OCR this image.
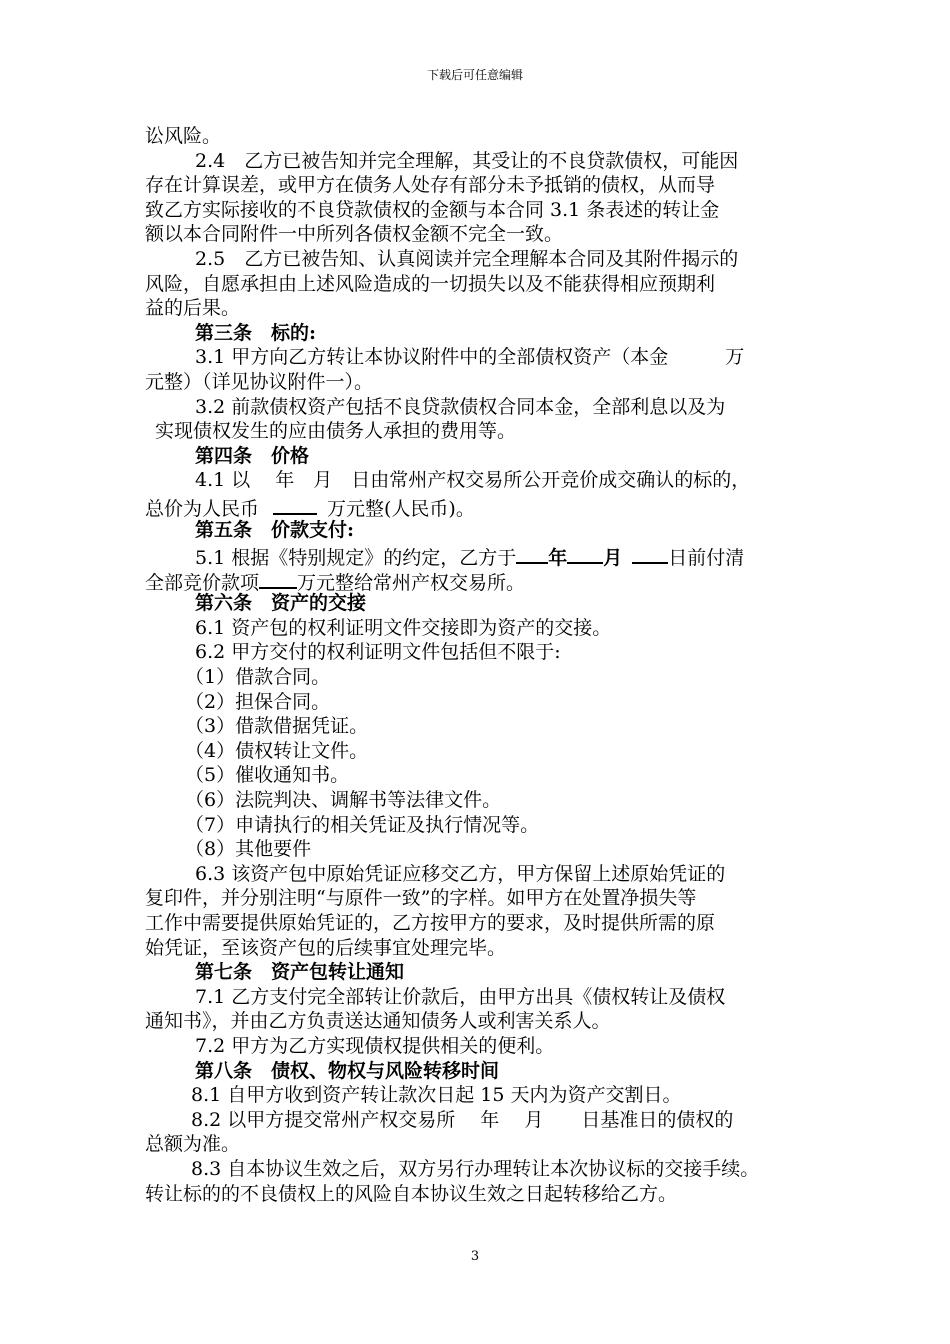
下载后可任意编辑
讼风险。
2.4　乙方已被告知并完全理解，其受让的不良贷款债权，可能因
存在计算误差，或甲方在债务人处存有部分未予抵销的债权，从而导
致乙方实际接收的不良贷款债权的金额与本合同 3.1 条表述的转让金
额以本合同附件一中所列各债权金额不完全一致。
2.5　乙方已被告知、认真阅读并完全理解本合同及其附件揭示的
风险，自愿承担由上述风险造成的一切损失以及不能获得相应预期利
益的后果。
第三条　标的:
3.1 甲方向乙方转让本协议附件中的全部债权资产（本金　　　万
元整）（详见协议附件一）。
3.2 前款债权资产包括不良贷款债权合同本金，全部利息以及为
实现债权发生的应由债务人承担的费用等。
第四条　价格
4.1 以　 年　月　日由常州产权交易所公开竞价成交确认的标的，
总价为人民币	万元整(人民币)。
第五条　价款支付:
5.1 根据《特别规定》的约定，乙方于 年 月 日前付清
全部竞价款项 万元整给常州产权交易所。
第六条　资产的交接
6.1 资产包的权利证明文件交接即为资产的交接。
6.2 甲方交付的权利证明文件包括但不限于:
（1）借款合同。
（2）担保合同。
（3）借款借据凭证。
（4）债权转让文件。
（5）催收通知书。
（6）法院判决、调解书等法律文件。
（7）申请执行的相关凭证及执行情况等。
（8）其他要件
6.3 该资产包中原始凭证应移交乙方，甲方保留上述原始凭证的
复印件，并分别注明“与原件一致”的字样。如甲方在处置净损失等
工作中需要提供原始凭证的，乙方按甲方的要求，及时提供所需的原
始凭证，至该资产包的后续事宜处理完毕。
第七条　资产包转让通知
7.1 乙方支付完全部转让价款后，由甲方出具《债权转让及债权
通知书》，并由乙方负责送达通知债务人或利害关系人。
7.2 甲方为乙方实现债权提供相关的便利。
第八条　债权、物权与风险转移时间
8.1 自甲方收到资产转让款次日起 15 天内为资产交割日。
8.2 以甲方提交常州产权交易所　 年　 月　　日基准日的债权的
总额为准。
8.3 自本协议生效之后，双方另行办理转让本次协议标的交接手续。
转让标的的不良债权上的风险自本协议生效之日起转移给乙方。
3
